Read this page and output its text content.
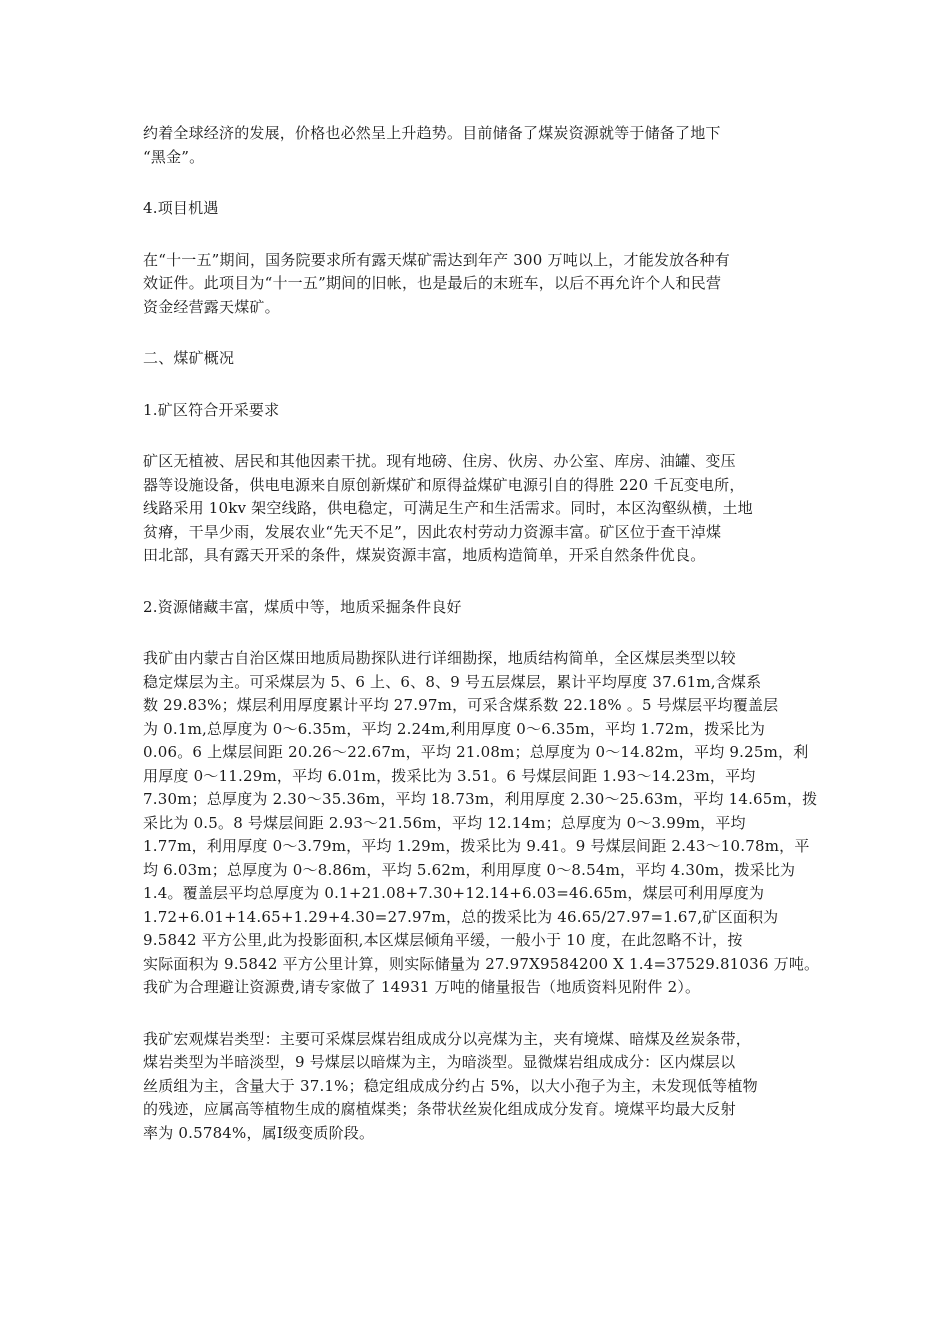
约着全球经济的发展，价格也必然呈上升趋势。目前储备了煤炭资源就等于储备了地下
“黑金”。

4.项目机遇

在“十一五”期间，国务院要求所有露天煤矿需达到年产 300 万吨以上，才能发放各种有
效证件。此项目为“十一五”期间的旧帐，也是最后的末班车，以后不再允许个人和民营
资金经营露天煤矿。

二、煤矿概况

1.矿区符合开采要求

矿区无植被、居民和其他因素干扰。现有地磅、住房、伙房、办公室、库房、油罐、变压
器等设施设备，供电电源来自原创新煤矿和原得益煤矿电源引自的得胜 220 千瓦变电所，
线路采用 10kv 架空线路，供电稳定，可满足生产和生活需求。同时，本区沟壑纵横，土地
贫瘠，干旱少雨，发展农业“先天不足”，因此农村劳动力资源丰富。矿区位于查干淖煤
田北部，具有露天开采的条件，煤炭资源丰富，地质构造简单，开采自然条件优良。

2.资源储藏丰富，煤质中等，地质采掘条件良好

我矿由内蒙古自治区煤田地质局勘探队进行详细勘探，地质结构简单，全区煤层类型以较
稳定煤层为主。可采煤层为 5、6 上、6、8、9 号五层煤层，累计平均厚度 37.61m,含煤系
数 29.83%；煤层利用厚度累计平均 27.97m，可采含煤系数 22.18% 。5 号煤层平均覆盖层
为 0.1m,总厚度为 0～6.35m，平均 2.24m,利用厚度 0～6.35m，平均 1.72m，拨采比为
0.06。6 上煤层间距 20.26～22.67m，平均 21.08m；总厚度为 0～14.82m，平均 9.25m，利
用厚度 0～11.29m，平均 6.01m，拨采比为 3.51。6 号煤层间距 1.93～14.23m，平均
7.30m；总厚度为 2.30～35.36m，平均 18.73m，利用厚度 2.30～25.63m，平均 14.65m，拨
采比为 0.5。8 号煤层间距 2.93～21.56m，平均 12.14m；总厚度为 0～3.99m，平均
1.77m，利用厚度 0～3.79m，平均 1.29m，拨采比为 9.41。9 号煤层间距 2.43～10.78m，平
均 6.03m；总厚度为 0～8.86m，平均 5.62m，利用厚度 0～8.54m，平均 4.30m，拨采比为
1.4。覆盖层平均总厚度为 0.1+21.08+7.30+12.14+6.03=46.65m，煤层可利用厚度为
1.72+6.01+14.65+1.29+4.30=27.97m，总的拨采比为 46.65/27.97=1.67,矿区面积为
9.5842 平方公里,此为投影面积,本区煤层倾角平缓，一般小于 10 度，在此忽略不计，按
实际面积为 9.5842 平方公里计算，则实际储量为 27.97X9584200 X 1.4=37529.81036 万吨。
我矿为合理避让资源费,请专家做了 14931 万吨的储量报告（地质资料见附件 2）。

我矿宏观煤岩类型：主要可采煤层煤岩组成成分以亮煤为主，夹有境煤、暗煤及丝炭条带，
煤岩类型为半暗淡型，9 号煤层以暗煤为主，为暗淡型。显微煤岩组成成分：区内煤层以
丝质组为主，含量大于 37.1%；稳定组成成分约占 5%，以大小孢子为主，未发现低等植物
的残迹，应属高等植物生成的腐植煤类；条带状丝炭化组成成分发育。境煤平均最大反射
率为 0.5784%，属Ⅰ级变质阶段。
